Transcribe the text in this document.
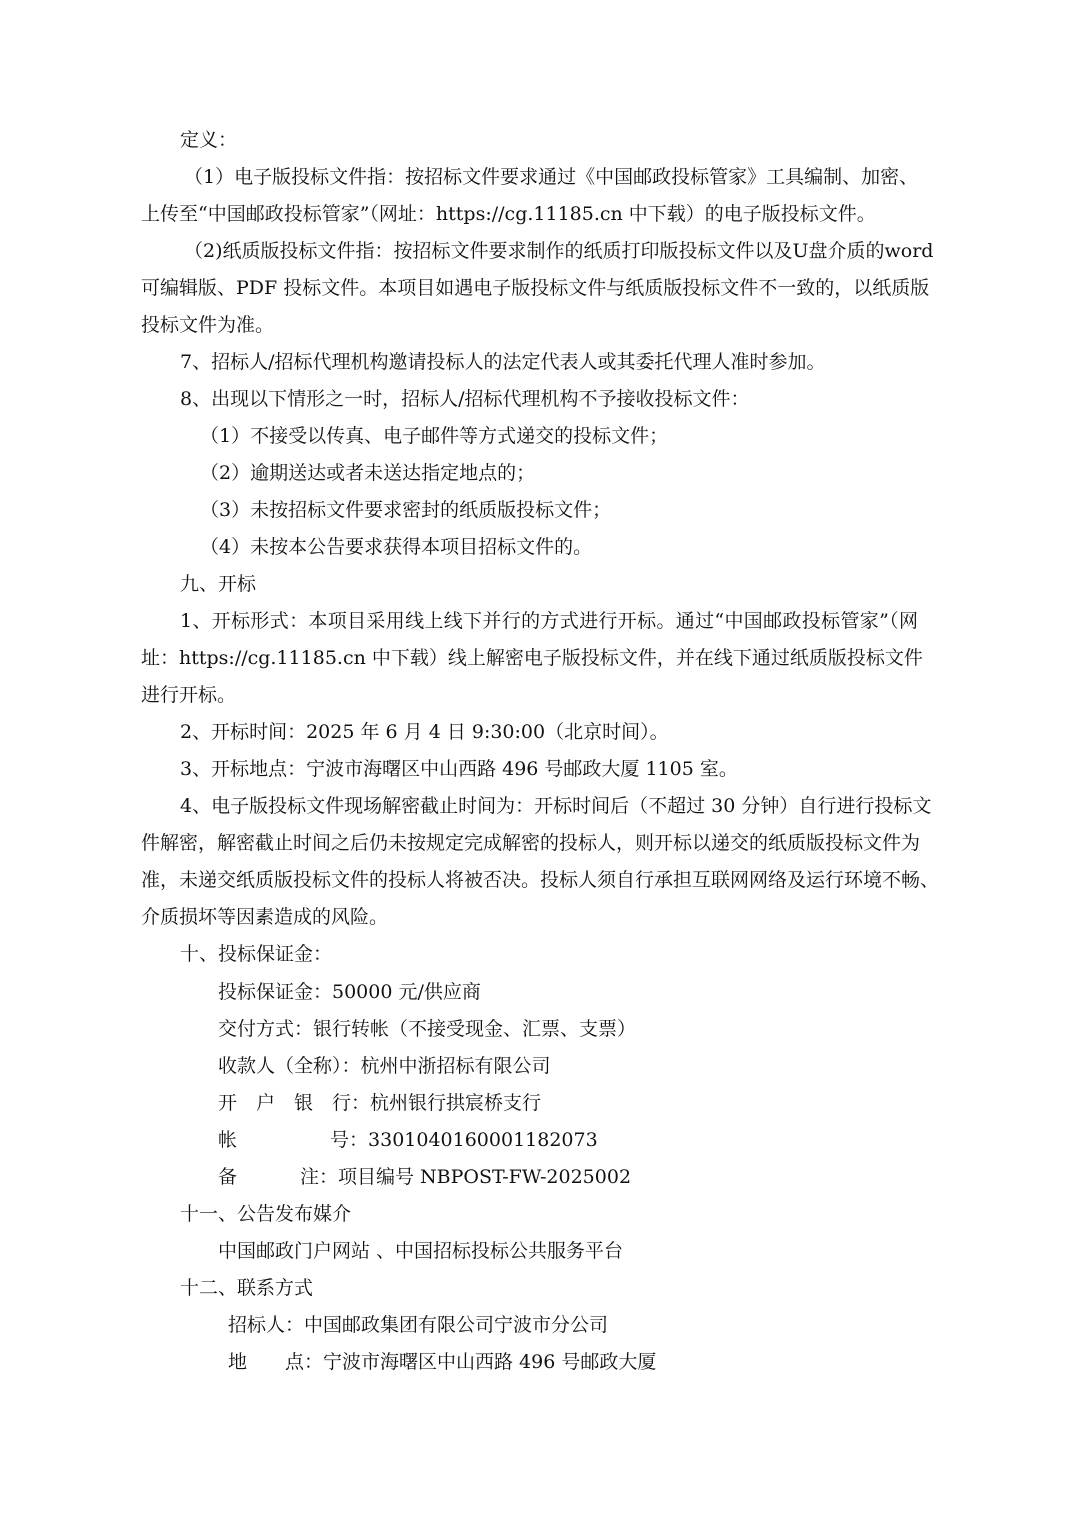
定义：
（1）电子版投标文件指：按招标文件要求通过《中国邮政投标管家》工具编制、加密、
上传至“中国邮政投标管家”（网址：https://cg.11185.cn 中下载）的电子版投标文件。
（2)纸质版投标文件指：按招标文件要求制作的纸质打印版投标文件以及U盘介质的word
可编辑版、PDF 投标文件。本项目如遇电子版投标文件与纸质版投标文件不一致的，以纸质版
投标文件为准。
7、招标人/招标代理机构邀请投标人的法定代表人或其委托代理人准时参加。
8、出现以下情形之一时，招标人/招标代理机构不予接收投标文件：
（1）不接受以传真、电子邮件等方式递交的投标文件；
（2）逾期送达或者未送达指定地点的；
（3）未按招标文件要求密封的纸质版投标文件；
（4）未按本公告要求获得本项目招标文件的。
九、开标
1、开标形式：本项目采用线上线下并行的方式进行开标。通过“中国邮政投标管家”（网
址：https://cg.11185.cn 中下载）线上解密电子版投标文件，并在线下通过纸质版投标文件
进行开标。
2、开标时间：2025 年 6 月 4 日 9:30:00（北京时间）。
3、开标地点：宁波市海曙区中山西路 496 号邮政大厦 1105 室。
4、电子版投标文件现场解密截止时间为：开标时间后（不超过 30 分钟）自行进行投标文
件解密，解密截止时间之后仍未按规定完成解密的投标人，则开标以递交的纸质版投标文件为
准，未递交纸质版投标文件的投标人将被否决。投标人须自行承担互联网网络及运行环境不畅、
介质损坏等因素造成的风险。
十、投标保证金：
投标保证金：50000 元/供应商
交付方式：银行转帐（不接受现金、汇票、支票）
收款人（全称）：杭州中浙招标有限公司
开　户　银　行：杭州银行拱宸桥支行
帐	号：3301040160001182073
备	注：项目编号 NBPOST-FW-2025002
十一、公告发布媒介
中国邮政门户网站 、中国招标投标公共服务平台
十二、联系方式
招标人：中国邮政集团有限公司宁波市分公司
地 点：宁波市海曙区中山西路 496 号邮政大厦
